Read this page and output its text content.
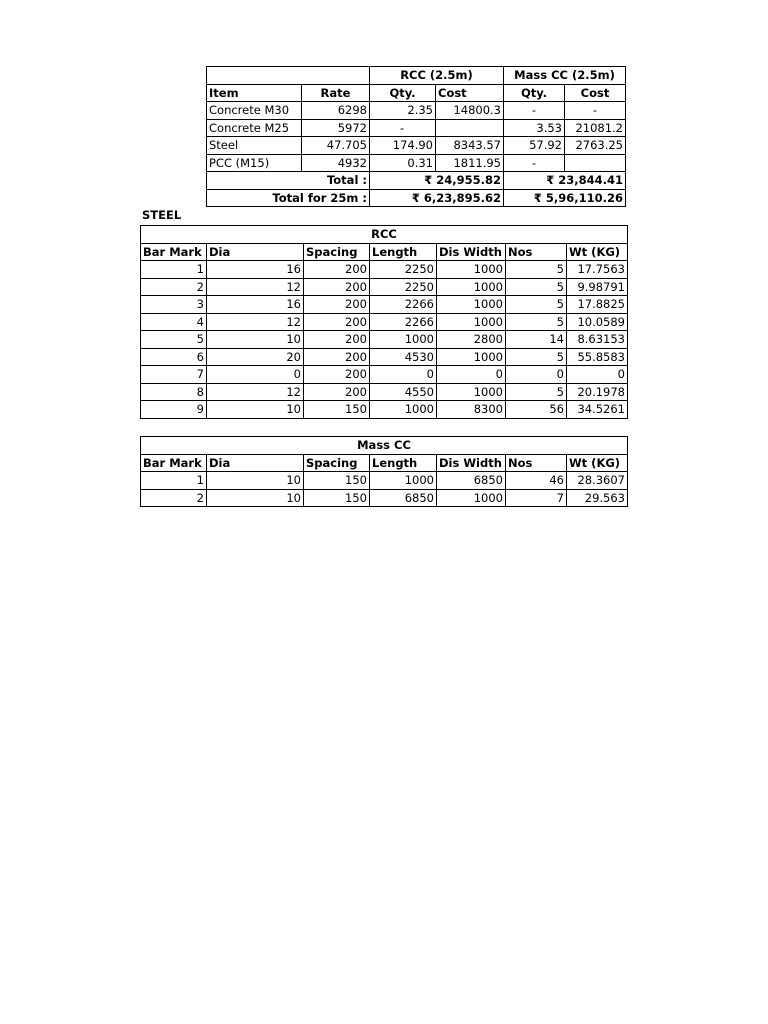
		RCC (2.5m)		Mass CC (2.5m)	
Item	Rate	Qty.	Cost	Qty.	Cost
Concrete M30	6298	2.35	14800.3	-	-
Concrete M25	5972	-		3.53	21081.2
Steel	47.705	174.90	8343.57	57.92	2763.25
PCC (M15)	4932	0.31	1811.95	-	
Total :		₹ 24,955.82		₹ 23,844.41	
Total for 25m :		₹ 6,23,895.62		₹ 5,96,110.26	
STEEL
RCC						
Bar Mark	Dia	Spacing	Length	Dis Width	Nos	Wt (KG)
1	16	200	2250	1000	5	17.7563
2	12	200	2250	1000	5	9.98791
3	16	200	2266	1000	5	17.8825
4	12	200	2266	1000	5	10.0589
5	10	200	1000	2800	14	8.63153
6	20	200	4530	1000	5	55.8583
7	0	200	0	0	0	0
8	12	200	4550	1000	5	20.1978
9	10	150	1000	8300	56	34.5261
Mass CC						
Bar Mark	Dia	Spacing	Length	Dis Width	Nos	Wt (KG)
1	10	150	1000	6850	46	28.3607
2	10	150	6850	1000	7	29.563
